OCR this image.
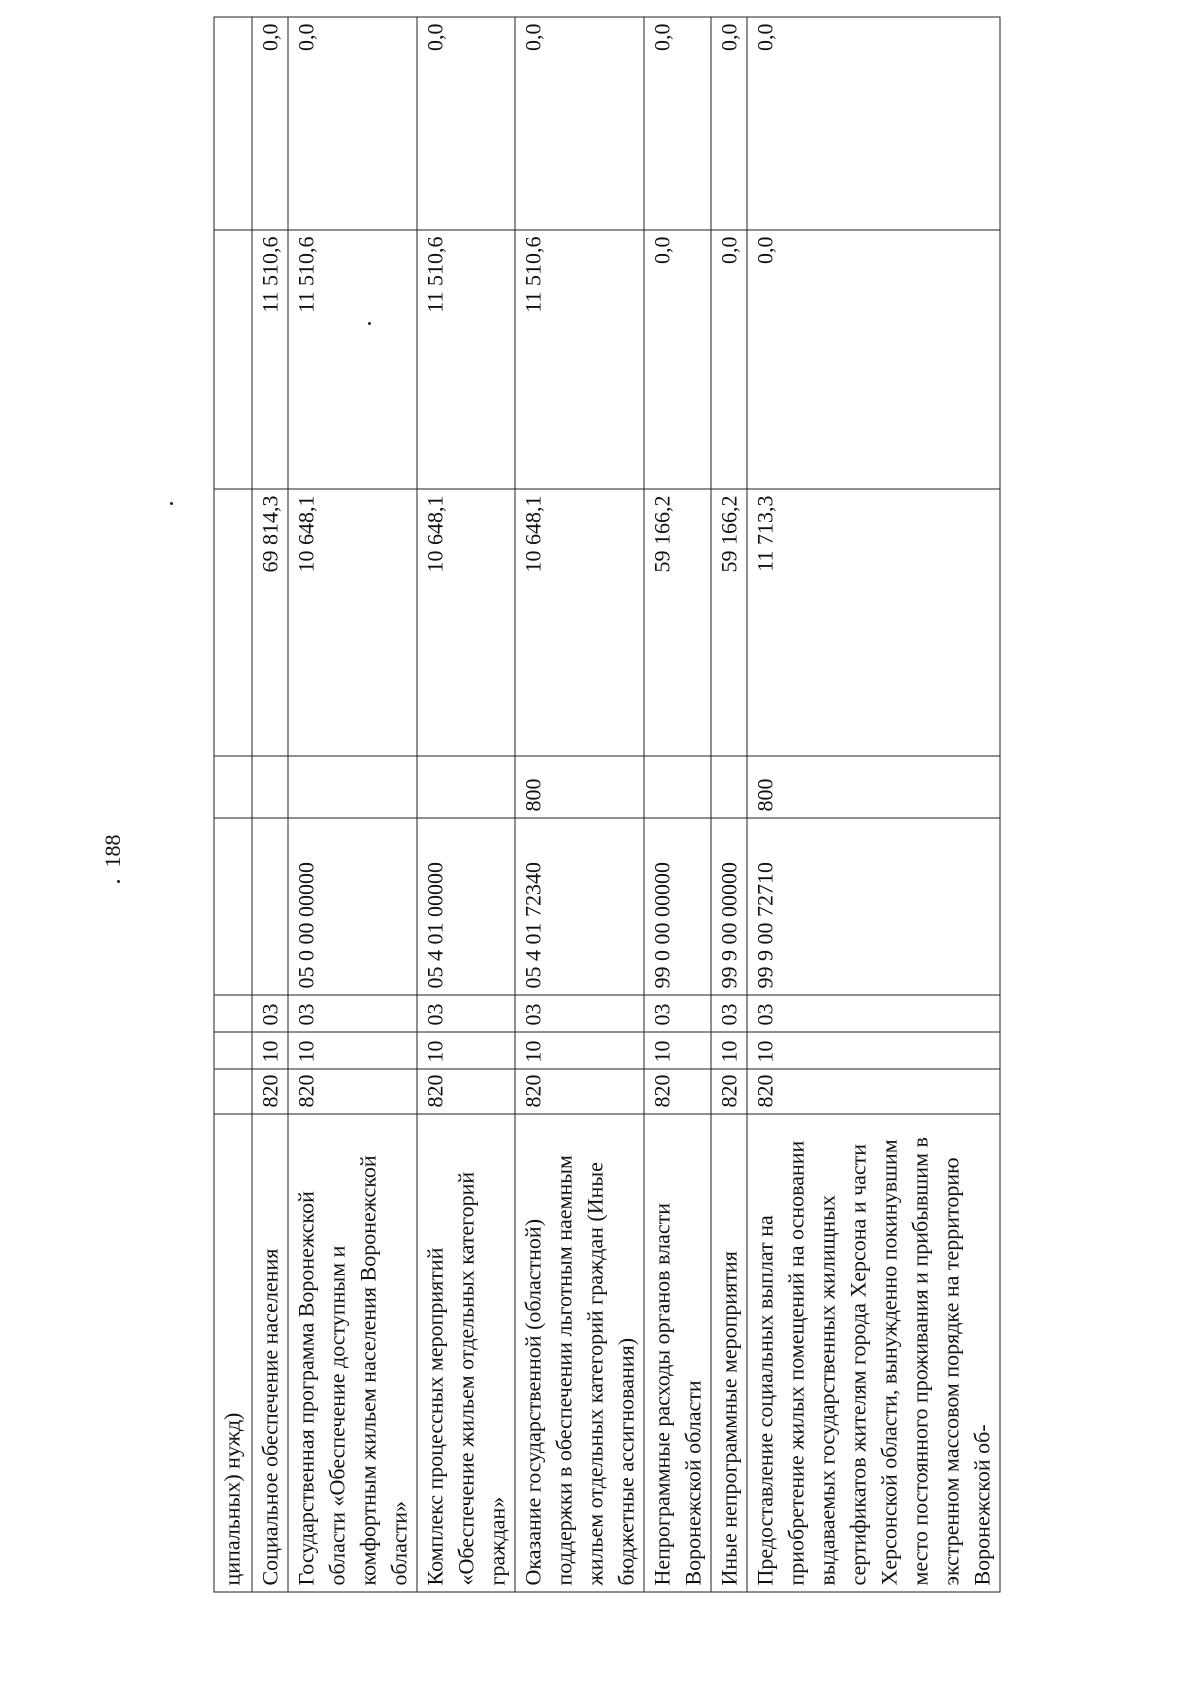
188
ципальных) нужд)								
Социальное обеспечение населения	820	10	03			69 814,3	11 510,6	0,0
Государственная программа Воронежской области «Обеспечение доступным и комфортным жильем населения Воронежской области»	820	10	03	05 0 00 00000		10 648,1	11 510,6	0,0
Комплекс процессных мероприятий «Обеспечение жильем отдельных категорий граждан»	820	10	03	05 4 01 00000		10 648,1	11 510,6	0,0
Оказание государственной (областной) поддержки в обеспечении льготным наемным жильем отдельных категорий граждан (Иные бюджетные ассигнования)	820	10	03	05 4 01 72340	800	10 648,1	11 510,6	0,0
Непрограммные расходы органов власти Воронежской области	820	10	03	99 0 00 00000		59 166,2	0,0	0,0
Иные непрограммные мероприятия	820	10	03	99 9 00 00000		59 166,2	0,0	0,0
Предоставление социальных выплат на приобретение жилых помещений на основании выдаваемых государственных жилищных сертификатов жителям города Херсона и части Херсонской области, вынужденно покинувшим место постоянного проживания и прибывшим в экстренном массовом порядке на территорию Воронежской об-	820	10	03	99 9 00 72710	800	11 713,3	0,0	0,0
